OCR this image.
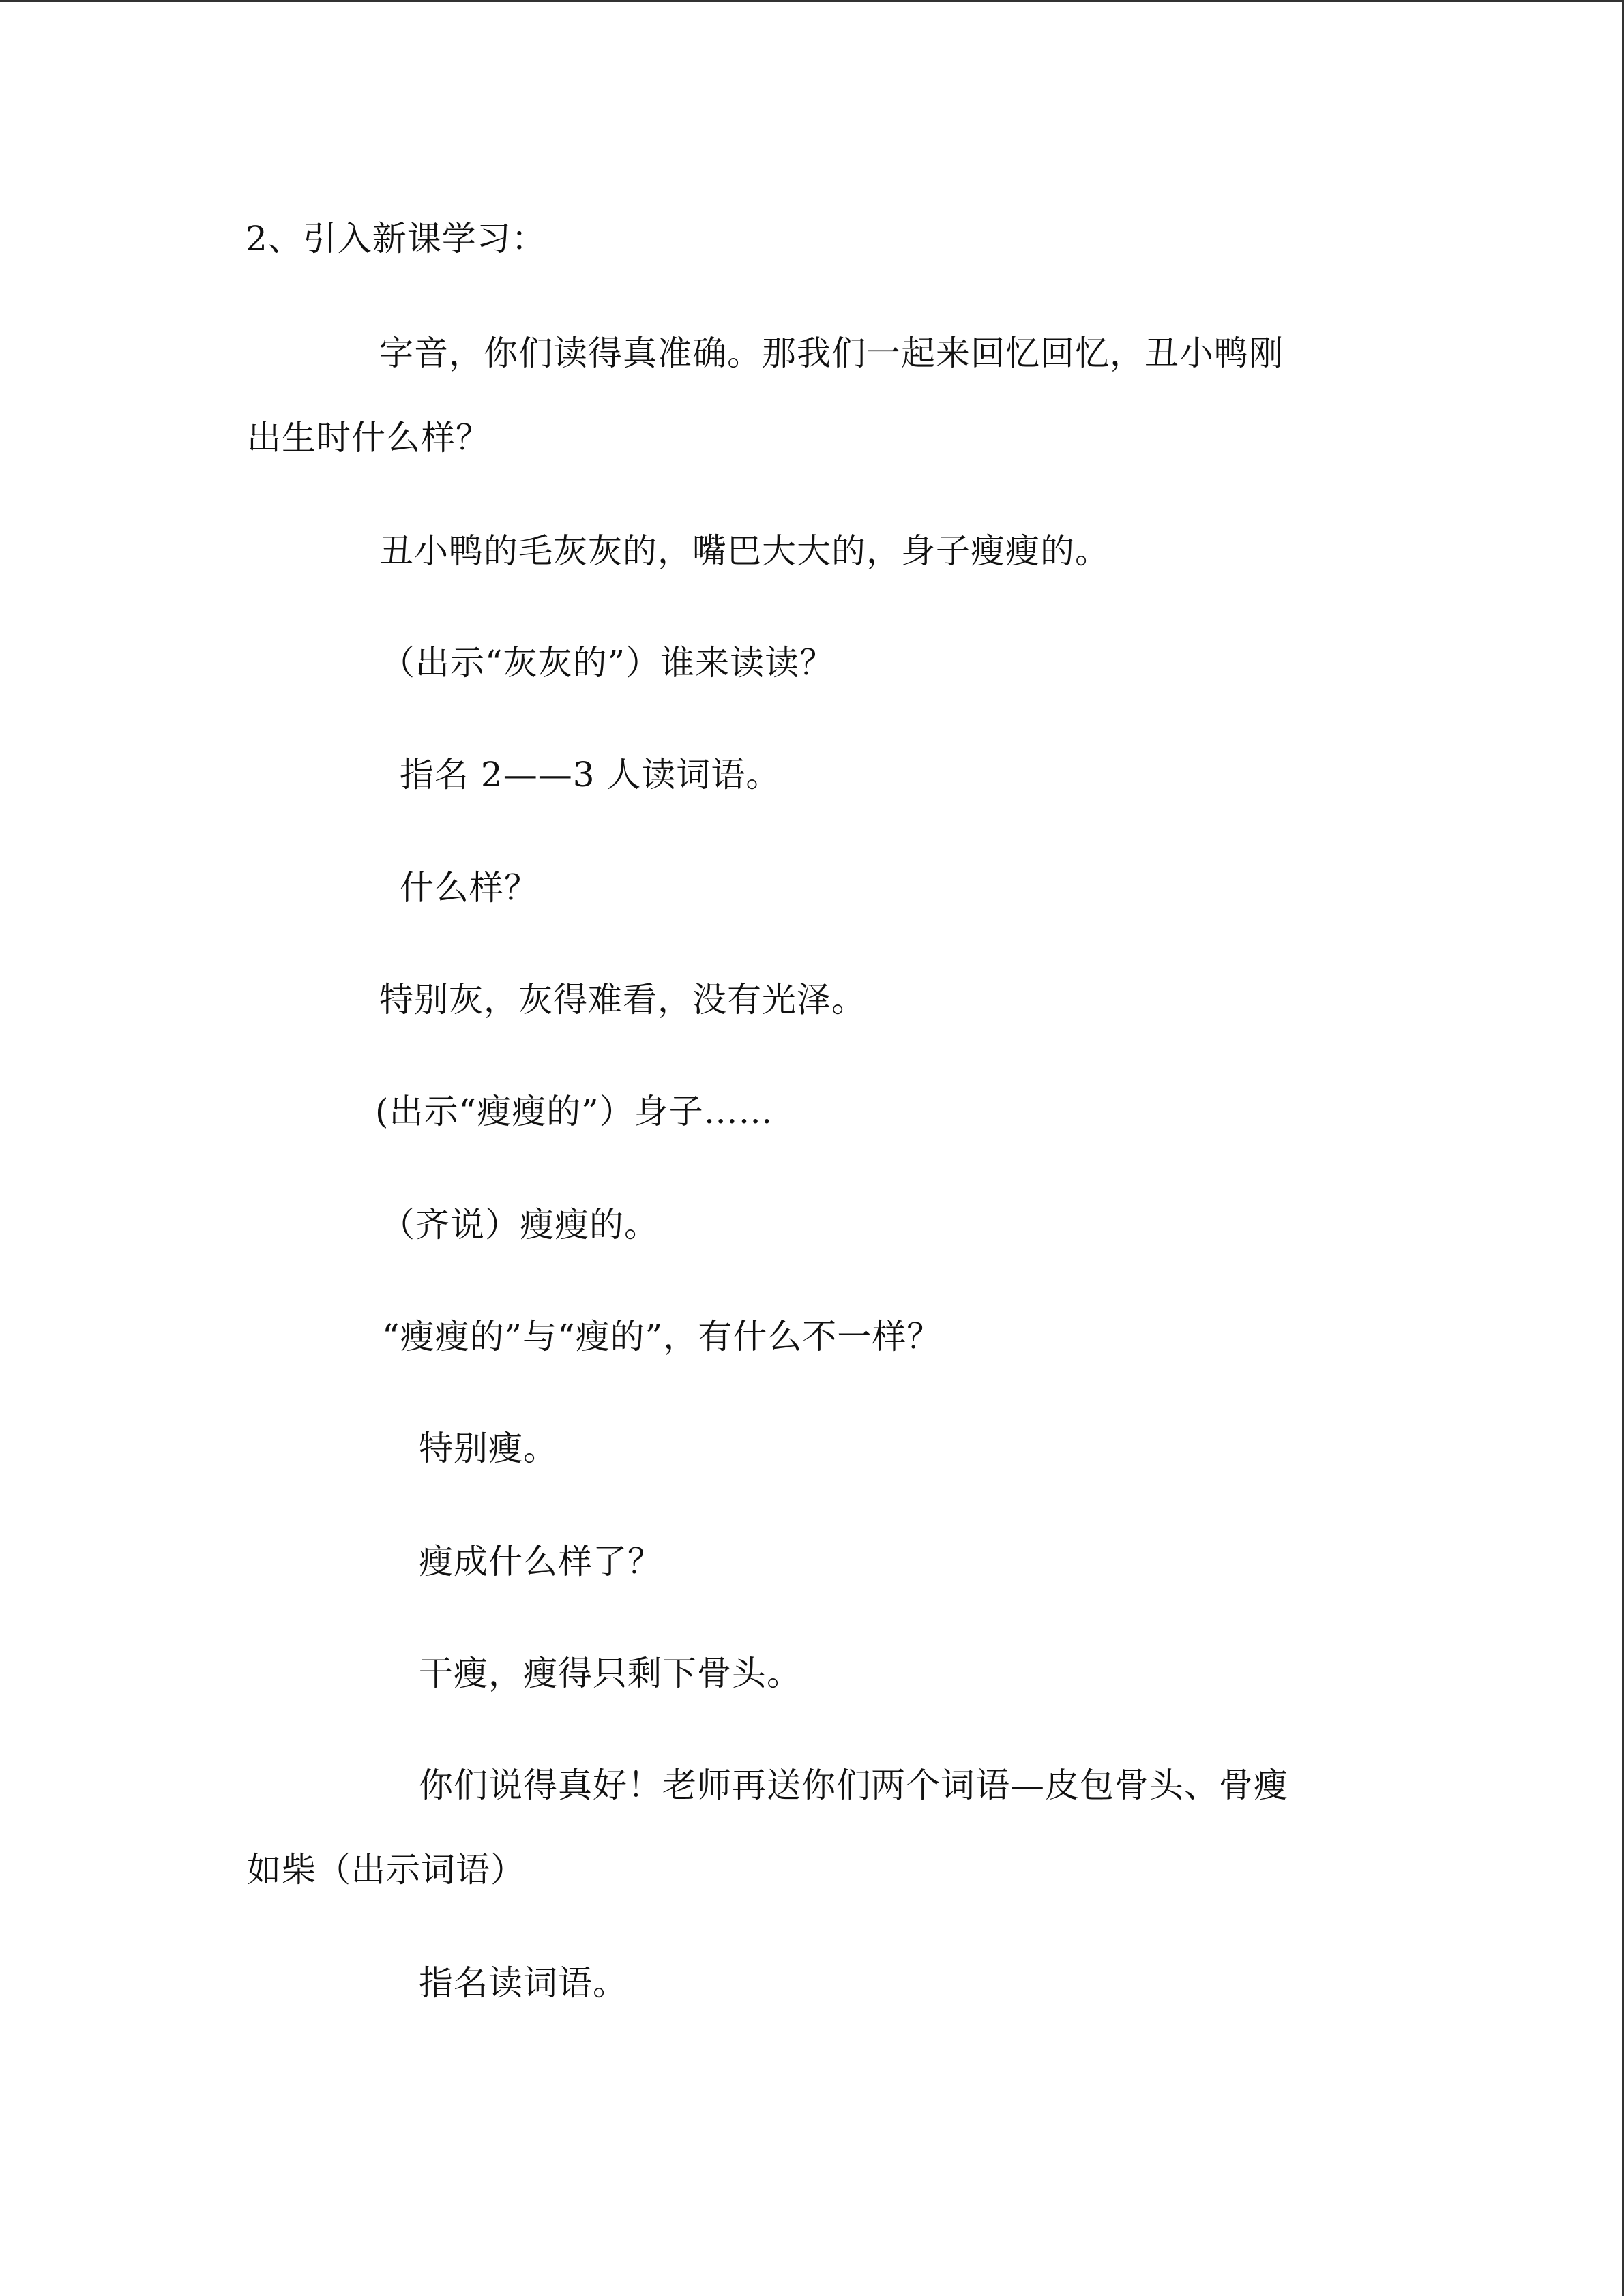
2、引入新课学习：
字音，你们读得真准确。那我们一起来回忆回忆，丑小鸭刚
出生时什么样？
丑小鸭的毛灰灰的，嘴巴大大的，身子瘦瘦的。
（出示“灰灰的”）谁来读读？
指名 2——3 人读词语。
什么样？
特别灰，灰得难看，没有光泽。
(出示“瘦瘦的”）身子……
（齐说）瘦瘦的。
“瘦瘦的”与“瘦的”，有什么不一样？
特别瘦。
瘦成什么样了？
干瘦，瘦得只剩下骨头。
你们说得真好！老师再送你们两个词语—皮包骨头、骨瘦
如柴（出示词语）
指名读词语。
